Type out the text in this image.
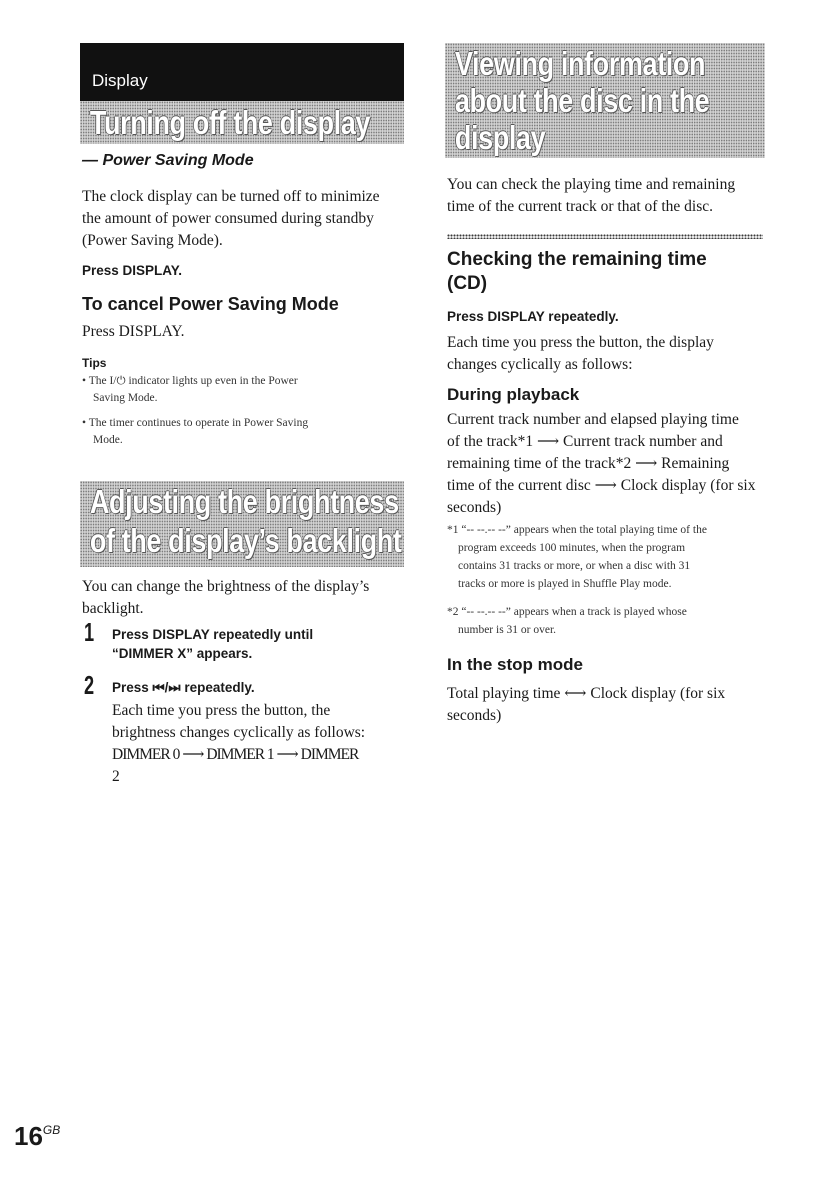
Display
Turning off the display

— Power Saving Mode

The clock display can be turned off to minimize

the amount of power consumed during standby

(Power Saving Mode).

Press DISPLAY.

To cancel Power Saving Mode

Press DISPLAY.

Tips

• The I/⏻ indicator lights up even in the Power

Saving Mode.

• The timer continues to operate in Power Saving

Mode.

Adjusting the brightness
of the display’s backlight

You can change the brightness of the display’s

backlight.

1 Press DISPLAY repeatedly until

“DIMMER X” appears.

2 Press ⏮/⏭ repeatedly.

Each time you press the button, the

brightness changes cyclically as follows:

DIMMER 0 ⟶ DIMMER 1 ⟶ DIMMER

2

Viewing information
about the disc in the
display

You can check the playing time and remaining

time of the current track or that of the disc.

Checking the remaining time

(CD)

Press DISPLAY repeatedly.

Each time you press the button, the display

changes cyclically as follows:

During playback

Current track number and elapsed playing time

of the track*1 ⟶ Current track number and

remaining time of the track*2 ⟶ Remaining

time of the current disc ⟶ Clock display (for six

seconds)

*1 “-- --.-- --” appears when the total playing time of the

program exceeds 100 minutes, when the program

contains 31 tracks or more, or when a disc with 31

tracks or more is played in Shuffle Play mode.

*2 “-- --.-- --” appears when a track is played whose

number is 31 or over.

In the stop mode

Total playing time ⟷ Clock display (for six

seconds)

$16^{GB}$
